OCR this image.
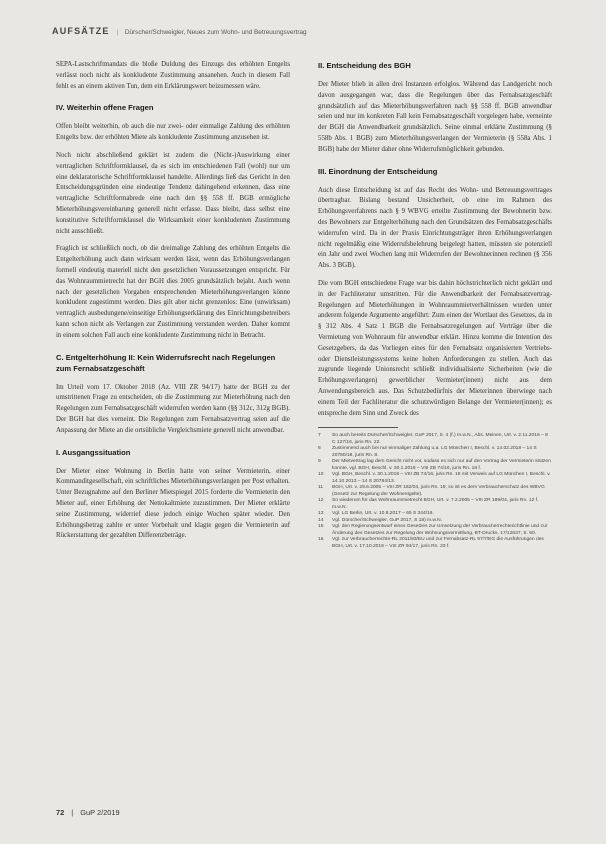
AUFSÄTZE | Dürscher/Schweigler, Neues zum Wohn- und Betreuungsvertrag

SEPA-Lastschriftmandats die bloße Duldung des Einzugs des erhöhten Entgelts verlässt noch nicht als konkludente Zustimmung ansanehen. Auch in diesem Fall fehlt es an einem aktiven Tun, dem ein Erklärungswert beizumessen wäre.

IV. Weiterhin offene Fragen

Offen bleibt weiterhin, ob auch die nur zwei- oder einmalige Zahlung des erhöhten Entgelts bzw. der erhöhten Miete als konkludente Zustimmung anzusehen ist.

Noch nicht abschließend geklärt ist zudem die (Nicht-)Auswirkung einer vertraglichen Schriftformklausel, da es sich im entschiedenen Fall (wohl) nur um eine deklaratorische Schriftformklausel handelte. Allerdings ließ das Gericht in den Entscheidungsgründen eine eindeutige Tendenz dahingehend erkennen, dass eine vertragliche Schriftformabrede eine nach den §§ 558 ff. BGB ermögliche Mieterhöhungsvereinbarung generell nicht erfasse. Dass bleibt, dass selbst eine konstitutive Schriftformklausel die Wirksamkeit einer konkludenten Zustimmung nicht ausschließt.

Fraglich ist schließlich noch, ob die dreimalige Zahlung des erhöhten Entgelts die Entgelterhöhung auch dann wirksam werden lässt, wenn das Erhöhungsverlangen formell eindeutig materiell nicht den gesetzlichen Voraussetzungen entspricht. Für das Wohnraummietrecht hat der BGH dies 2005 grundsätzlich bejaht. Auch wenn nach der gesetzlichen Vorgaben entsprechenden Mieterhöhungsverlangen könne konkludent zugestimmt werden. Dies gilt aber nicht grenzenlos: Eine (unwirksam) vertraglich ausbedungene/einseitige Erhöhungserklärung des Einrichtungsbetreibers kann schon nicht als Verlangen zur Zustimmung verstanden werden. Daher kommt in einem solchen Fall auch eine konkludente Zustimmung nicht in Betracht.

C. Entgelterhöhung II: Kein Widerrufsrecht nach Regelungen zum Fernabsatzgeschäft

Im Urteil vom 17. Oktober 2018 (Az. VIII ZR 94/17) hatte der BGH zu der umstrittenen Frage zu entscheiden, ob die Zustimmung zur Mieterhöhung nach den Regelungen zum Fernabsatzgeschäft widerrufen werden kann (§§ 312c, 312g BGB). Der BGH hat dies verneint. Die Regelungen zum Fernabsatzvertrag seien auf die Anpassung der Miete an die ortsübliche Vergleichsmiete generell nicht anwendbar.

I. Ausgangssituation

Der Mieter einer Wohnung in Berlin hatte von seiner Vermieterin, einer Kommanditgesellschaft, ein schriftliches Mieterhöhungsverlangen per Post erhalten. Unter Bezugnahme auf den Berliner Mietspiegel 2015 forderte die Vermieterin den Mieter auf, einer Erhöhung der Nettokaltmiete zuzustimmen. Der Mieter erklärte seine Zustimmung, widerrief diese jedoch einige Wochen später wieder. Den Erhöhungsbetrag zahlte er unter Vorbehalt und klagte gegen die Vermieterin auf Rückerstattung der gezahlten Differenzbeträge.

II. Entscheidung des BGH

Der Mieter blieb in allen drei Instanzen erfolglos. Während das Landgericht noch davon ausgegangen war, dass die Regelungen über das Fernabsatzgeschäft grundsätzlich auf das Mieterhöhungsverfahren nach §§ 558 ff. BGB anwendbar seien und nur im konkreten Fall kein Fernabsatzgeschäft vorgelegen habe, verneinte der BGH die Anwendbarkeit grundsätzlich. Seine einmal erklärte Zustimmung (§ 558b Abs. 1 BGB) zum Mieterhöhungsverlangen der Vermieterin (§ 558a Abs. 1 BGB) habe der Mieter daher ohne Widerrufsmöglichkeit gebunden.

III. Einordnung der Entscheidung

Auch diese Entscheidung ist auf das Recht des Wohn- und Betreuungsvertrages übertragbar. Bislang bestand Unsicherheit, ob eine im Rahmen des Erhöhungsverfahrens nach § 9 WBVG erteilte Zustimmung der Bewohnerin bzw. des Bewohners zur Entgelterhöhung nach den Grundsätzen des Fernabsatzgeschäfts widerrufen wird. Da in der Praxis Einrichtungsträger ihren Erhöhungsverlangen nicht regelmäßig eine Widerrufsbelehrung beigelegt hatten, müssten sie potenziell ein Jahr und zwei Wochen lang mit Widerrufen der Bewohnerinnen rechnen (§ 356 Abs. 3 BGB).

Die vom BGH entschiedene Frage war bis dahin höchstrichterlich nicht geklärt und in der Fachliteratur umstritten. Für die Anwendbarkeit der Fernabsatzvertrag-Regelungen auf Mieterhöhungen in Wohnraummietverhältnissen wurden unter anderem folgende Argumente angeführt: Zum einen der Wortlaut des Gesetzes, da in § 312 Abs. 4 Satz 1 BGB die Fernabsatzregelungen auf Verträge über die Vermietung von Wohnraum für anwendbar erklärt. Hinzu komme die Intention des Gesetzgebers, da das Vorliegen eines für den Fernabsatz organisierten Vertriebs- oder Dienstleistungssystems keine hohen Anforderungen zu stellen. Auch das zugrunde liegende Unionsrecht schließt individualisierte Sicherheiten (wie die Erhöhungsverlangen) gewerblicher Vermieter(innen) nicht aus dem Anwendungsbereich aus. Das Schutzbedürfnis der Mieterinnen überwiege nach einem Teil der Fachliteratur die schutzwürdigen Belange der Vermieter(innen); es entspreche dem Sinn und Zweck des

7	So auch bereits Dürscher/Schweigler, GuP 2017, S. 4 (f.) m.w.N., Abs. Meinen, Urt. v. 2.11.2016 – 8 C 127/16, juris Rn. 22.
8	Zustimmend auch bei nur einmaliger Zahlung u.a. LG München I, Beschl. v. 14.02.2018 – 14 S 20780/18, juris Rn. 8.
9	Der Mietvertrag lag dem Gericht nicht vor, sodass es sich nur auf den Vortrag der Vermieterin stützen konnte, vgl. BGH, Beschl. v. 30.1.2018 – VIII ZB 74/16, juris Rn. 18 f.
10	Vgl. BGH, Beschl. v. 30.1.2018 – VIII ZB 74/16, juris Rn. 16 mit Verweis auf LG München I, Beschl. v. 14.10.2013 – 14 S 20784/13.
11	BGH, Urt. v. 29.6.2005 – VIII ZR 182/04, juris Rn. 19; so ist es dem Verbraucherschutz des WBVG (Gesetz zur Regelung der Wohnentgelte).
12	So wiederum für das Wohnraummietrecht BGH, Urt. v. 7.2.2005 – VIII ZR 189/04, juris Rn. 12 f. m.w.N.
13	Vgl. LG Berlin, Urt. v. 10.8.2017 – 65 S 344/16.
14	Vgl. Dürscher/Schweigler, GuP 2017, S 18) m.w.N.
15	Vgl. den Regierungsentwurf eines Gesetzes zur Umsetzung der Verbraucherrechterichtlinie und zur Änderung des Gesetzes zur Regelung der Wohnungsvermittlung, BT-Drucks. 17/12637, S. 50.
16	Vgl. zur Verbraucherrechte-RL 2011/83/EU und zur Fernabsatz-RL 97/7/EG die Ausführungen des BGH, Urt. v. 17.10.2018 – VIII ZR 94/17, juris Rn. 23 f.
72 | GuP 2/2019
